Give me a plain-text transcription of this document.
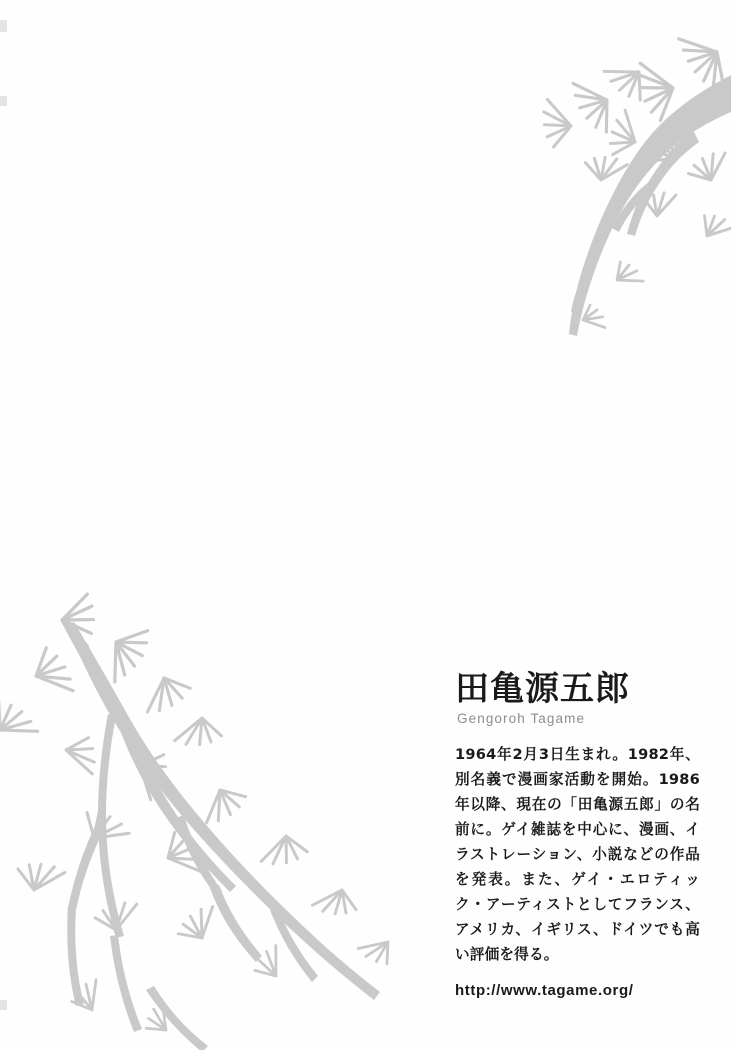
田亀源五郎
Gengoroh Tagame

1964年2月3日生まれ。1982年、別名義で漫画家活動を開始。1986年以降、現在の「田亀源五郎」の名前に。ゲイ雑誌を中心に、漫画、イラストレーション、小説などの作品を発表。また、ゲイ・エロティック・アーティストとしてフランス、アメリカ、イギリス、ドイツでも高い評価を得る。

http://www.tagame.org/
